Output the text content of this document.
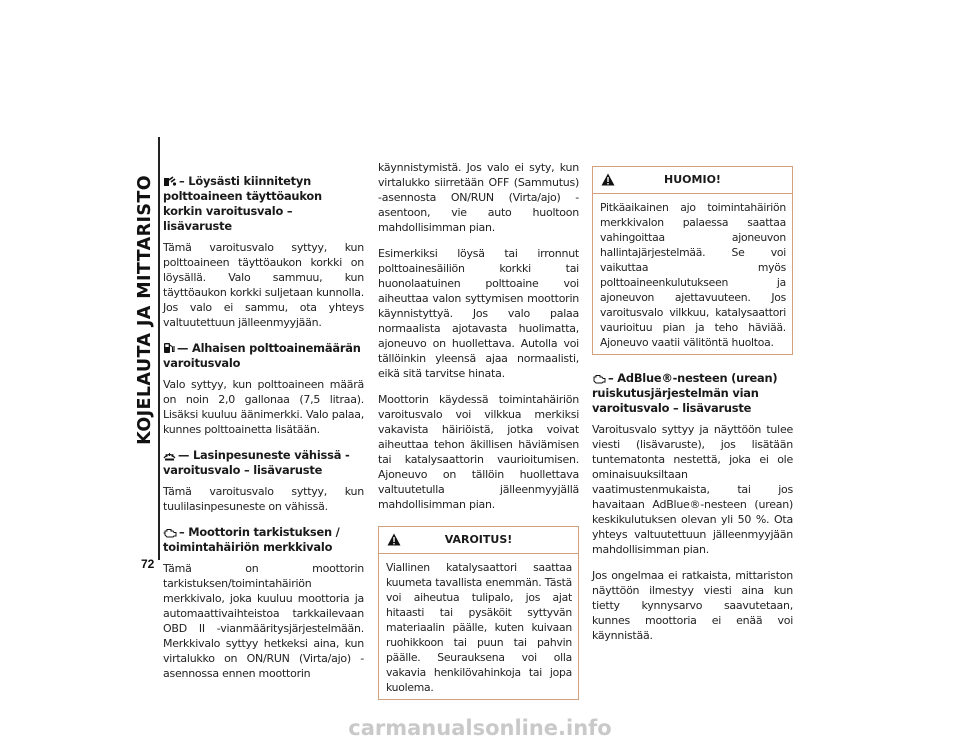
KOJELAUTA JA MITTARISTO
72
– Löysästi kiinnitetyn polttoaineen täyttöaukon korkin varoitusvalo – lisävaruste

Tämä varoitusvalo syttyy, kun polttoaineen täyttöaukon korkki on löysällä. Valo sammuu, kun täyttöaukon korkki suljetaan kunnolla. Jos valo ei sammu, ota yhteys valtuutettuun jälleenmyyjään.

— Alhaisen polttoainemäärän varoitusvalo

Valo syttyy, kun polttoaineen määrä on noin 2,0 gallonaa (7,5 litraa). Lisäksi kuuluu äänimerkki. Valo palaa, kunnes polttoainetta lisätään.

— Lasinpesuneste vähissä -varoitusvalo – lisävaruste

Tämä varoitusvalo syttyy, kun tuulilasinpesuneste on vähissä.

– Moottorin tarkistuksen / toimintahäiriön merkkivalo

Tämä on moottorin tarkistuksen/toimintahäiriön merkkivalo, joka kuuluu moottoria ja automaattivaihteistoa tarkkailevaan OBD II -vianmääritysjärjestelmään. Merkkivalo syttyy hetkeksi aina, kun virtalukko on ON/RUN (Virta/ajo) -asennossa ennen moottorin

käynnistymistä. Jos valo ei syty, kun virtalukko siirretään OFF (Sammutus) -asennosta ON/RUN (Virta/ajo) -asentoon, vie auto huoltoon mahdollisimman pian.

Esimerkiksi löysä tai irronnut polttoainesäiliön korkki tai huonolaatuinen polttoaine voi aiheuttaa valon syttymisen moottorin käynnistyttyä. Jos valo palaa normaalista ajotavasta huolimatta, ajoneuvo on huollettava. Autolla voi tällöinkin yleensä ajaa normaalisti, eikä sitä tarvitse hinata.

Moottorin käydessä toimintahäiriön varoitusvalo voi vilkkua merkiksi vakavista häiriöistä, jotka voivat aiheuttaa tehon äkillisen häviämisen tai katalysaattorin vaurioitumisen. Ajoneuvo on tällöin huollettava valtuutetulla jälleenmyyjällä mahdollisimman pian.

VAROITUS!

Viallinen katalysaattori saattaa kuumeta tavallista enemmän. Tästä voi aiheutua tulipalo, jos ajat hitaasti tai pysäköit syttyvän materiaalin päälle, kuten kuivaan ruohikkoon tai puun tai pahvin päälle. Seurauksena voi olla vakavia henkilövahinkoja tai jopa kuolema.

HUOMIO!

Pitkäaikainen ajo toimintahäiriön merkkivalon palaessa saattaa vahingoittaa ajoneuvon hallintajärjestelmää. Se voi vaikuttaa myös polttoaineenkulutukseen ja ajoneuvon ajettavuuteen. Jos varoitusvalo vilkkuu, katalysaattori vaurioituu pian ja teho häviää. Ajoneuvo vaatii välitöntä huoltoa.

– AdBlue®-nesteen (urean) ruiskutusjärjestelmän vian varoitusvalo – lisävaruste

Varoitusvalo syttyy ja näyttöön tulee viesti (lisävaruste), jos lisätään tuntematonta nestettä, joka ei ole ominaisuuksiltaan vaatimustenmukaista, tai jos havaitaan AdBlue®-nesteen (urean) keskikulutuksen olevan yli 50 %. Ota yhteys valtuutettuun jälleenmyyjään mahdollisimman pian.

Jos ongelmaa ei ratkaista, mittariston näyttöön ilmestyy viesti aina kun tietty kynnysarvo saavutetaan, kunnes moottoria ei enää voi käynnistää.

carmanualsonline.info
